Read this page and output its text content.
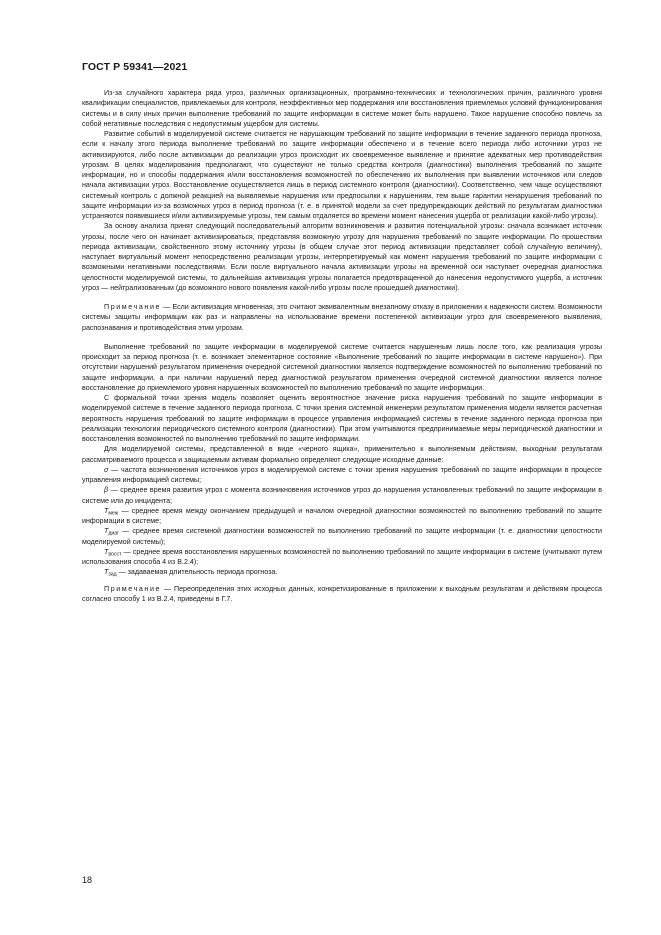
ГОСТ Р 59341—2021

Из-за случайного характера ряда угроз, различных организационных, программно-технических и технологических причин, различного уровня квалификации специалистов, привлекаемых для контроля, неэффективных мер поддержания или восстановления приемлемых условий функционирования системы и в силу иных причин выполнение требований по защите информации в системе может быть нарушено. Такое нарушение способно повлечь за собой негативные последствия с недопустимым ущербом для системы.

Развитие событий в моделируемой системе считается не нарушающим требований по защите информации в течение заданного периода прогноза, если к началу этого периода выполнение требований по защите информации обеспечено и в течение всего периода либо источники угроз не активизируются, либо после активизации до реализации угроз происходит их своевременное выявление и принятие адекватных мер противодействия угрозам. В целях моделирования предполагают, что существуют не только средства контроля (диагностики) выполнения требований по защите информации, но и способы поддержания и/или восстановления возможностей по обеспечению их выполнения при выявлении источников или следов начала активизации угроз. Восстановление осуществляется лишь в период системного контроля (диагностики). Соответственно, чем чаще осуществляют системный контроль с должной реакцией на выявляемые нарушения или предпосылки к нарушениям, тем выше гарантии ненарушения требований по защите информации из-за возможных угроз в период прогноза (т. е. в принятой модели за счет предупреждающих действий по результатам диагностики устраняются появившиеся и/или активизируемые угрозы, тем самым отдаляется во времени момент нанесения ущерба от реализации какой-либо угрозы).

За основу анализа принят следующий последовательный алгоритм возникновения и развития потенциальной угрозы: сначала возникает источник угрозы, после чего он начинает активизироваться, представляя возможную угрозу для нарушения требований по защите информации. По прошествии периода активизации, свойственного этому источнику угрозы (в общем случае этот период активизации представляет собой случайную величину), наступает виртуальный момент непосредственно реализации угрозы, интерпретируемый как момент нарушения требований по защите информации с возможными негативными последствиями. Если после виртуального начала активизации угрозы на временной оси наступает очередная диагностика целостности моделируемой системы, то дальнейшая активизация угрозы полагается предотвращенной до нанесения недопустимого ущерба, а источник угроз — нейтрализованным (до возможного нового появления какой-либо угрозы после прошедшей диагностики).

Примечание — Если активизация мгновенная, это считают эквивалентным внезапному отказу в приложении к надежности систем. Возможности системы защиты информации как раз и направлены на использование времени постепенной активизации угроз для своевременного выявления, распознавания и противодействия этим угрозам.

Выполнение требований по защите информации в моделируемой системе считается нарушенным лишь после того, как реализация угрозы происходит за период прогноза (т. е. возникает элементарное состояние «Выполнение требований по защите информации в системе нарушено»). При отсутствии нарушений результатом применения очередной системной диагностики является подтверждение возможностей по выполнению требований по защите информации, а при наличии нарушений перед диагностикой результатом применения очередной системной диагностики является полное восстановление до приемлемого уровня нарушенных возможностей по выполнению требований по защите информации.

С формальной точки зрения модель позволяет оценить вероятностное значение риска нарушения требований по защите информации в моделируемой системе в течение заданного периода прогноза. С точки зрения системной инженерии результатом применения модели является расчетная вероятность нарушения требований по защите информации в процессе управления информацией системы в течение заданного периода прогноза при реализации технологии периодического системного контроля (диагностики). При этом учитываются предпринимаемые меры периодической диагностики и восстановления возможностей по выполнению требований по защите информации.

Для моделируемой системы, представленной в виде «черного ящика», применительно к выполняемым действиям, выходным результатам рассматриваемого процесса и защищаемым активам формально определяют следующие исходные данные:

σ — частота возникновения источников угроз в моделируемой системе с точки зрения нарушения требований по защите информации в процессе управления информацией системы;

β — среднее время развития угроз с момента возникновения источников угроз до нарушения установленных требований по защите информации в системе или до инцидента;

$T_{меж}$ — среднее время между окончанием предыдущей и началом очередной диагностики возможностей по выполнению требований по защите информации в системе;

$T_{диаг}$ — среднее время системной диагностики возможностей по выполнению требований по защите информации (т. е. диагностики целостности моделируемой системы);

$T_{восст}$ — среднее время восстановления нарушенных возможностей по выполнению требований по защите информации в системе (учитывают путем использования способа 4 из В.2.4);

$T_{зад}$ — задаваемая длительность периода прогноза.

Примечание — Переопределения этих исходных данных, конкретизированные в приложении к выходным результатам и действиям процесса согласно способу 1 из В.2.4, приведены в Г.7.

18
